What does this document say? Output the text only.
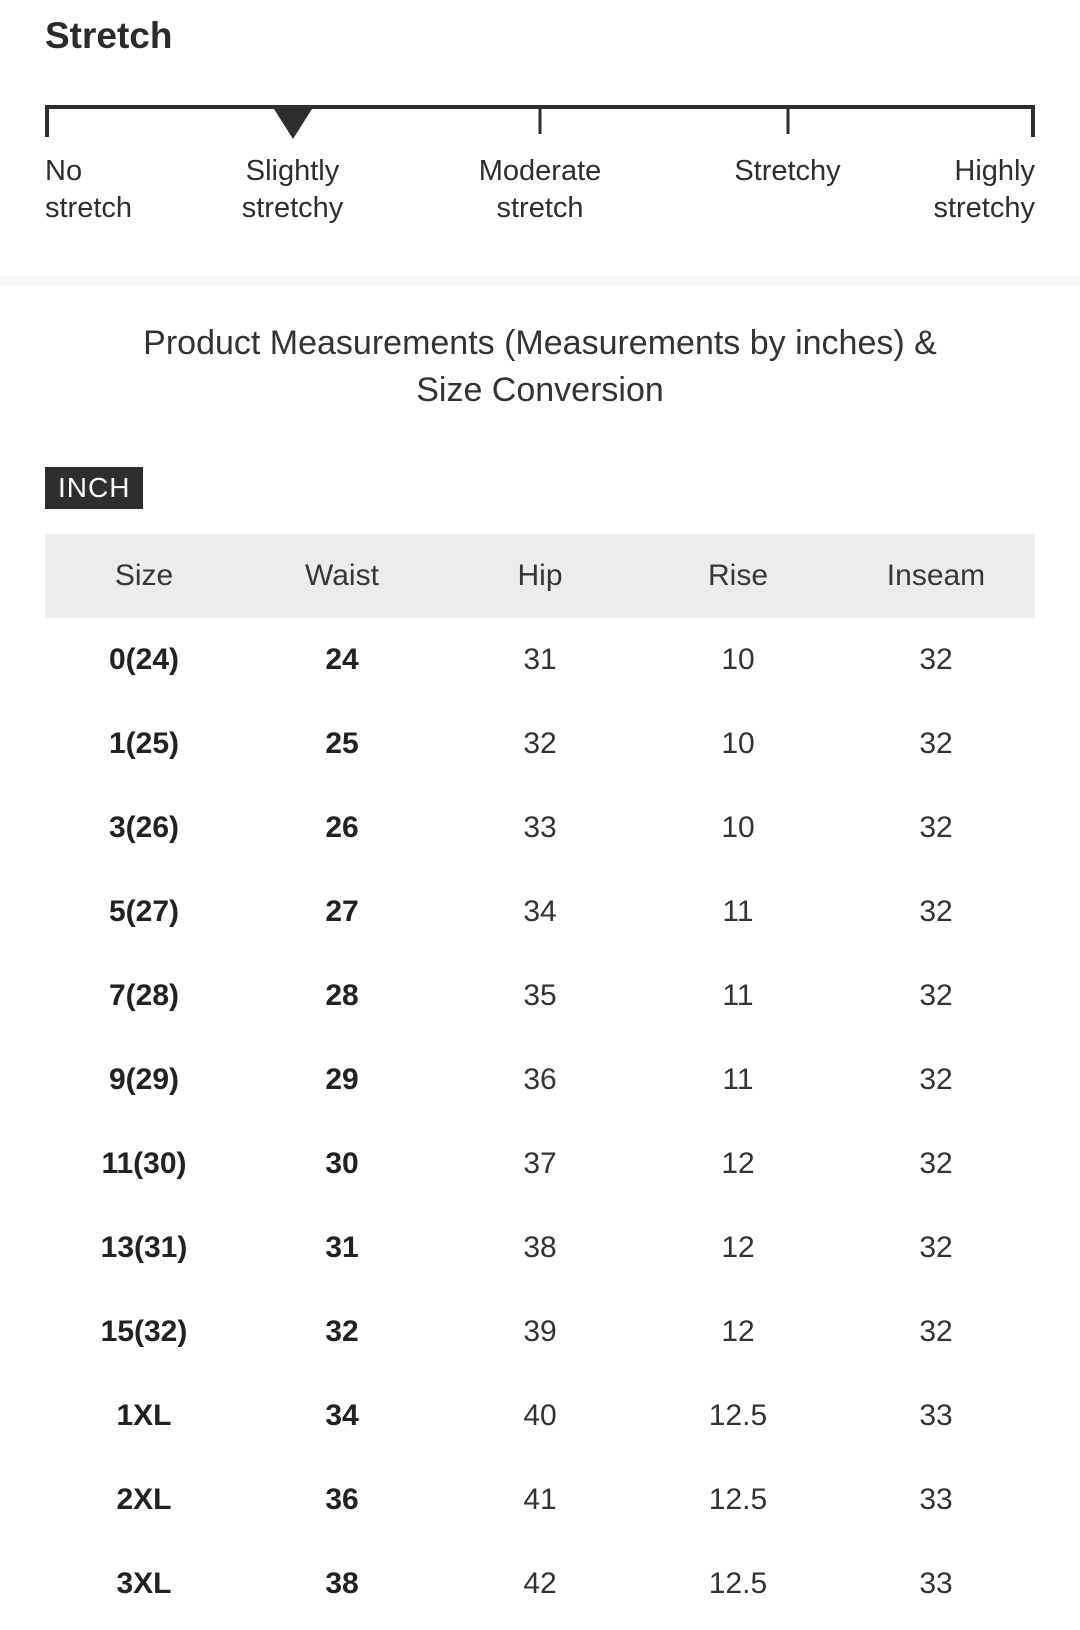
Stretch
No
stretch
Slightly
stretchy
Moderate
stretch
Stretchy	Highly
stretchy
Product Measurements (Measurements by inches) & Size Conversion
INCH
Size	Waist	Hip	Rise	Inseam
0(24)	24	31	10	32
1(25)	25	32	10	32
3(26)	26	33	10	32
5(27)	27	34	11	32
7(28)	28	35	11	32
9(29)	29	36	11	32
11(30)	30	37	12	32
13(31)	31	38	12	32
15(32)	32	39	12	32
1XL	34	40	12.5	33
2XL	36	41	12.5	33
3XL	38	42	12.5	33
